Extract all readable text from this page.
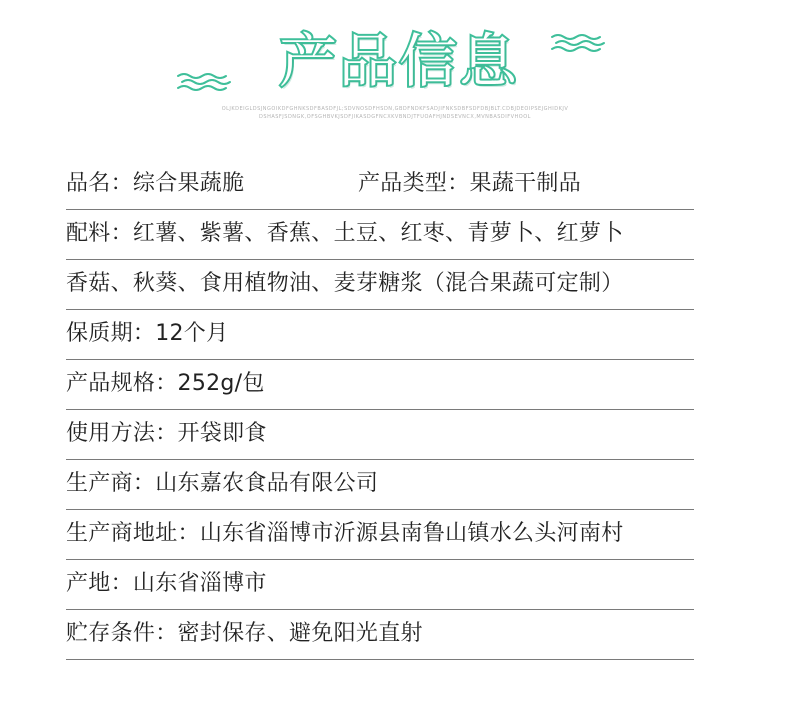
产品信息
OLJKDEIGLDSJNGOIKDFGHNKSDFBASDFJL;SDVNOSDFHSDN,GBDFNDKFSADJIFNKSDBFSDFDBJBLT.CDBJDEOIPSEJGHIDKJV
DSHASFJSDNGK,OFSGHBVKJSDFJIKASDGFNCXKVBNDJTFUOAFHJNDSEVNCX,MVNBASDIFVHOOL
品名：综合果蔬脆	产品类型：果蔬干制品
配料：红薯、紫薯、香蕉、土豆、红枣、青萝卜、红萝卜
香菇、秋葵、食用植物油、麦芽糖浆（混合果蔬可定制）
保质期：12个月
产品规格：252g/包
使用方法：开袋即食
生产商：山东嘉农食品有限公司
生产商地址：山东省淄博市沂源县南鲁山镇水么头河南村
产地：山东省淄博市
贮存条件：密封保存、避免阳光直射
